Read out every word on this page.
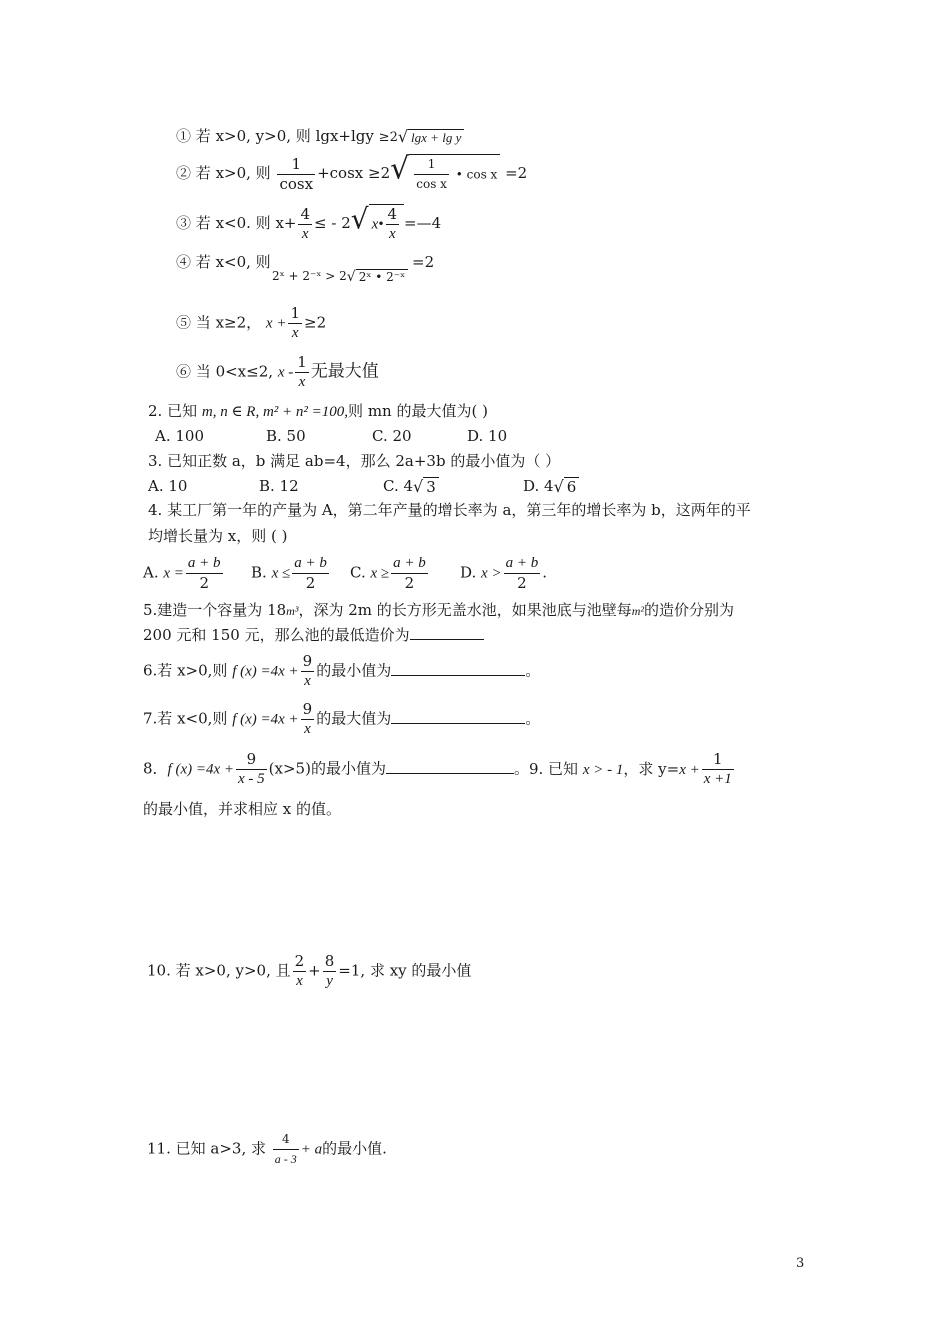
① 若 x>0, y>0, 则 lgx+lgy ≥2√ lgx + lg y
② 若 x>0, 则 $\frac{1}{\cos x} +\cos x \ge 2√ \frac{1}{\text{cos x}}$ • cos x =2
③ 若 x<0. 则 $x+ \frac{4}{x}$ ≤ - 2√ x• $\frac{4}{x}$ =—4
④ 若 x<0, 则
2ˣ + 2⁻ˣ > 2√ 2ˣ • 2⁻ˣ
=2
⑤ 当 x≥2， $x + \frac{1}{x} \ge 2$
⑥ 当 0<x≤2, x - $\frac{1}{x}$ 无最大值
2. 已知 m, n ∈ R, m² + n² =100,则 mn 的最大值为( )
A. 100	B. 50	C. 20	D. 10
3. 已知正数 a，b 满足 ab=4，那么 2a+3b 的最小值为（ ）
A. 10	B. 12	C. 4√ 3	D. 4√ 6
4. 某工厂第一年的产量为 A，第二年产量的增长率为 a，第三年的增长率为 b，这两年的平
均增长量为 x，则 ( )
A. $x = \frac{a + b}{2} B$. $x \le \frac{a + b}{2} C$. $x \ge \frac{a + b}{2} D$. $x > \frac{a + b}{2}$ .
5.建造一个容量为 18m³，深为 2m 的长方形无盖水池，如果池底与池壁每m²的造价分别为
200 元和 150 元，那么池的最低造价为
6.若 x>0,则 f $(x) =4x + \frac{9}{x}$ 的最小值为	。
7.若 x<0,则 f $(x) =4x + \frac{9}{x}$ 的最大值为	。
8．f $(x) =4x + \frac{9}{x - 5} (x>5)$的最小值为	。9. 已知 x > - 1，求 $y=x + \frac{1}{x +1}$
的最小值，并求相应 x 的值。
10. 若 x>0, y>0, 且 $\frac{2}{x} + \frac{8}{y} =1$, 求 xy 的最小值
11. 已知 a>3, 求 $\frac{4}{a - 3} + a$的最小值.
3
